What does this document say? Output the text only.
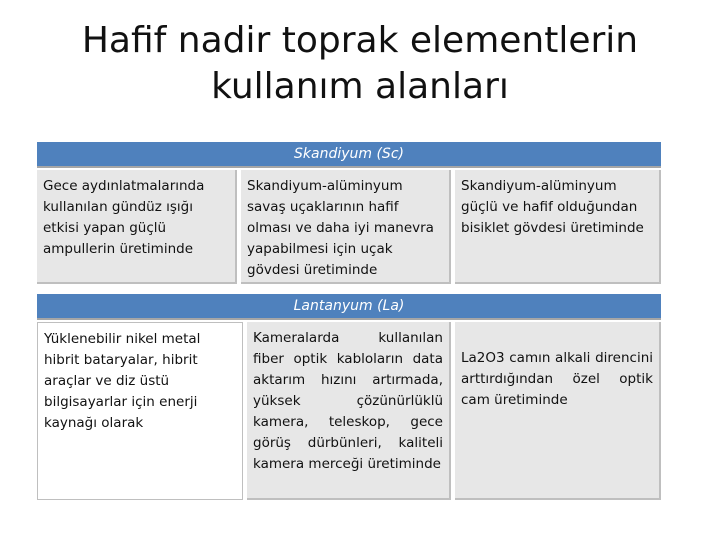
Hafif nadir toprak elementlerin
kullanım alanları
Skandiyum (Sc)
Gece aydınlatmalarında kullanılan gündüz ışığı etkisi yapan güçlü ampullerin üretiminde
Skandiyum-alüminyum savaş uçaklarının hafif olması ve daha iyi manevra yapabilmesi için uçak gövdesi üretiminde
Skandiyum-alüminyum güçlü ve hafif olduğundan bisiklet gövdesi üretiminde
Lantanyum (La)
Yüklenebilir nikel metal hibrit bataryalar, hibrit araçlar ve diz üstü bilgisayarlar için enerji kaynağı olarak
Kameralarda kullanılan fiber optik kabloların data aktarım hızını artırmada, yüksek çözünürlüklü kamera, teleskop, gece görüş dürbünleri, kaliteli kamera merceği üretiminde
La2O3 camın alkali direncini arttırdığından özel optik cam üretiminde
